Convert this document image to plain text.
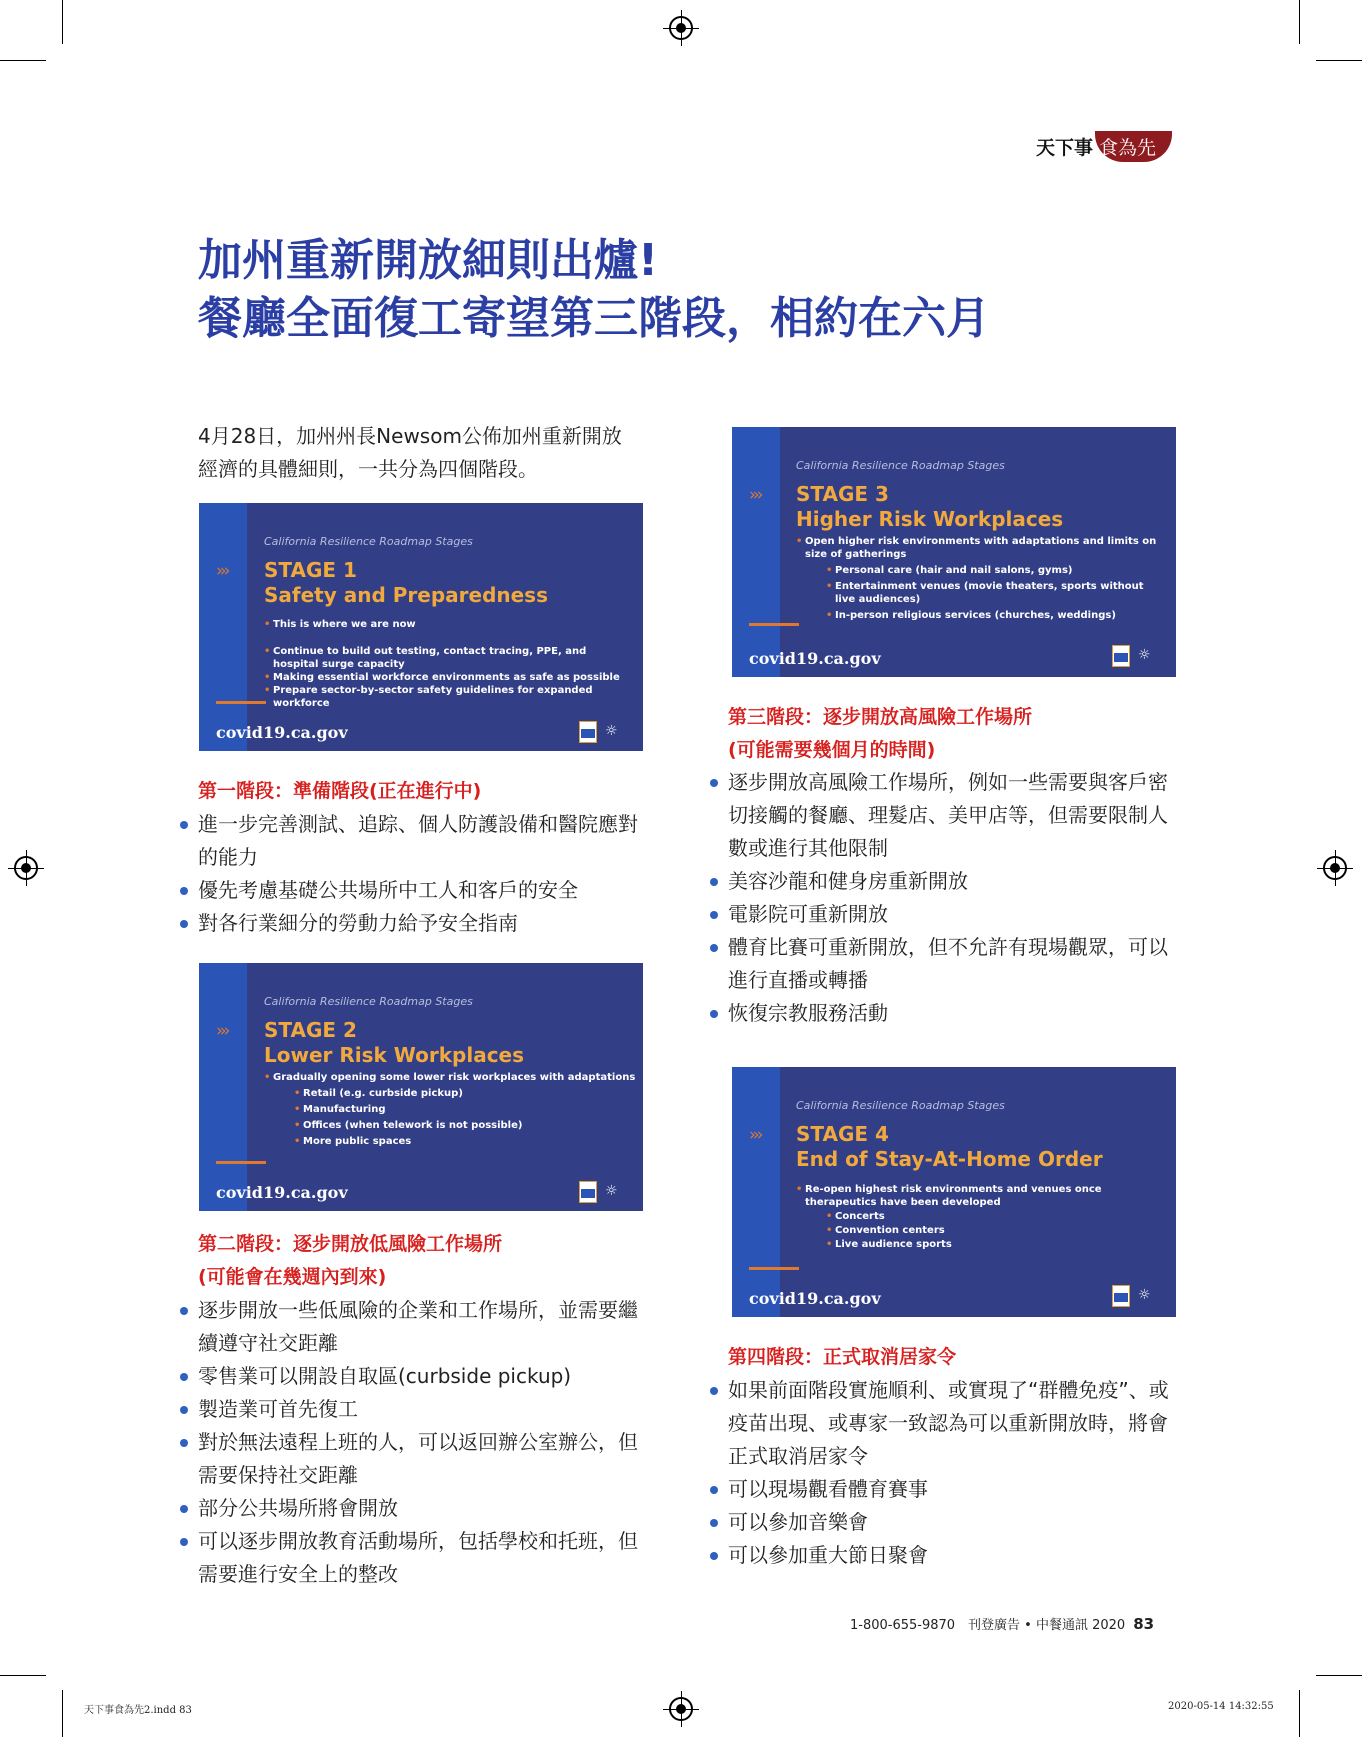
天下事 食為先
加州重新開放細則出爐!
餐廳全面復工寄望第三階段，相約在六月
4月28日，加州州長Newsom公佈加州重新開放
經濟的具體細則，一共分為四個階段。
›››
California Resilience Roadmap Stages
STAGE 1
Safety and Preparedness
• This is where we are now
• Continue to build out testing, contact tracing, PPE, and hospital surge capacity
• Making essential workforce environments as safe as possible
• Prepare sector-by-sector safety guidelines for expanded workforce
covid19.ca.gov	☼
第一階段：準備階段(正在進行中)
進一步完善測試、追踪、個人防護設備和醫院應對的能力
優先考慮基礎公共場所中工人和客戶的安全
對各行業細分的勞動力給予安全指南
›››
California Resilience Roadmap Stages
STAGE 2
Lower Risk Workplaces
• Gradually opening some lower risk workplaces with adaptations
• Retail (e.g. curbside pickup)
• Manufacturing
• Offices (when telework is not possible)
• More public spaces
covid19.ca.gov	☼
第二階段：逐步開放低風險工作場所
(可能會在幾週內到來)
逐步開放一些低風險的企業和工作場所，並需要繼續遵守社交距離
零售業可以開設自取區(curbside pickup)
製造業可首先復工
對於無法遠程上班的人，可以返回辦公室辦公，但需要保持社交距離
部分公共場所將會開放
可以逐步開放教育活動場所，包括學校和托班，但需要進行安全上的整改
›››
California Resilience Roadmap Stages
STAGE 3
Higher Risk Workplaces
• Open higher risk environments with adaptations and limits on size of gatherings
• Personal care (hair and nail salons, gyms)
• Entertainment venues (movie theaters, sports without live audiences)
• In-person religious services (churches, weddings)
covid19.ca.gov	☼
第三階段：逐步開放高風險工作場所
(可能需要幾個月的時間)
逐步開放高風險工作場所，例如一些需要與客戶密切接觸的餐廳、理髮店、美甲店等，但需要限制人數或進行其他限制
美容沙龍和健身房重新開放
電影院可重新開放
體育比賽可重新開放，但不允許有現場觀眾，可以進行直播或轉播
恢復宗教服務活動
›››
California Resilience Roadmap Stages
STAGE 4
End of Stay-At-Home Order
• Re-open highest risk environments and venues once therapeutics have been developed
• Concerts
• Convention centers
• Live audience sports
covid19.ca.gov	☼
第四階段：正式取消居家令
如果前面階段實施順利、或實現了“群體免疫”、或疫苗出現、或專家一致認為可以重新開放時，將會正式取消居家令
可以現場觀看體育賽事
可以參加音樂會
可以參加重大節日聚會
1-800-655-9870　刊登廣告 • 中餐通訊 2020 83
天下事食為先2.indd 83	2020-05-14 14:32:55
